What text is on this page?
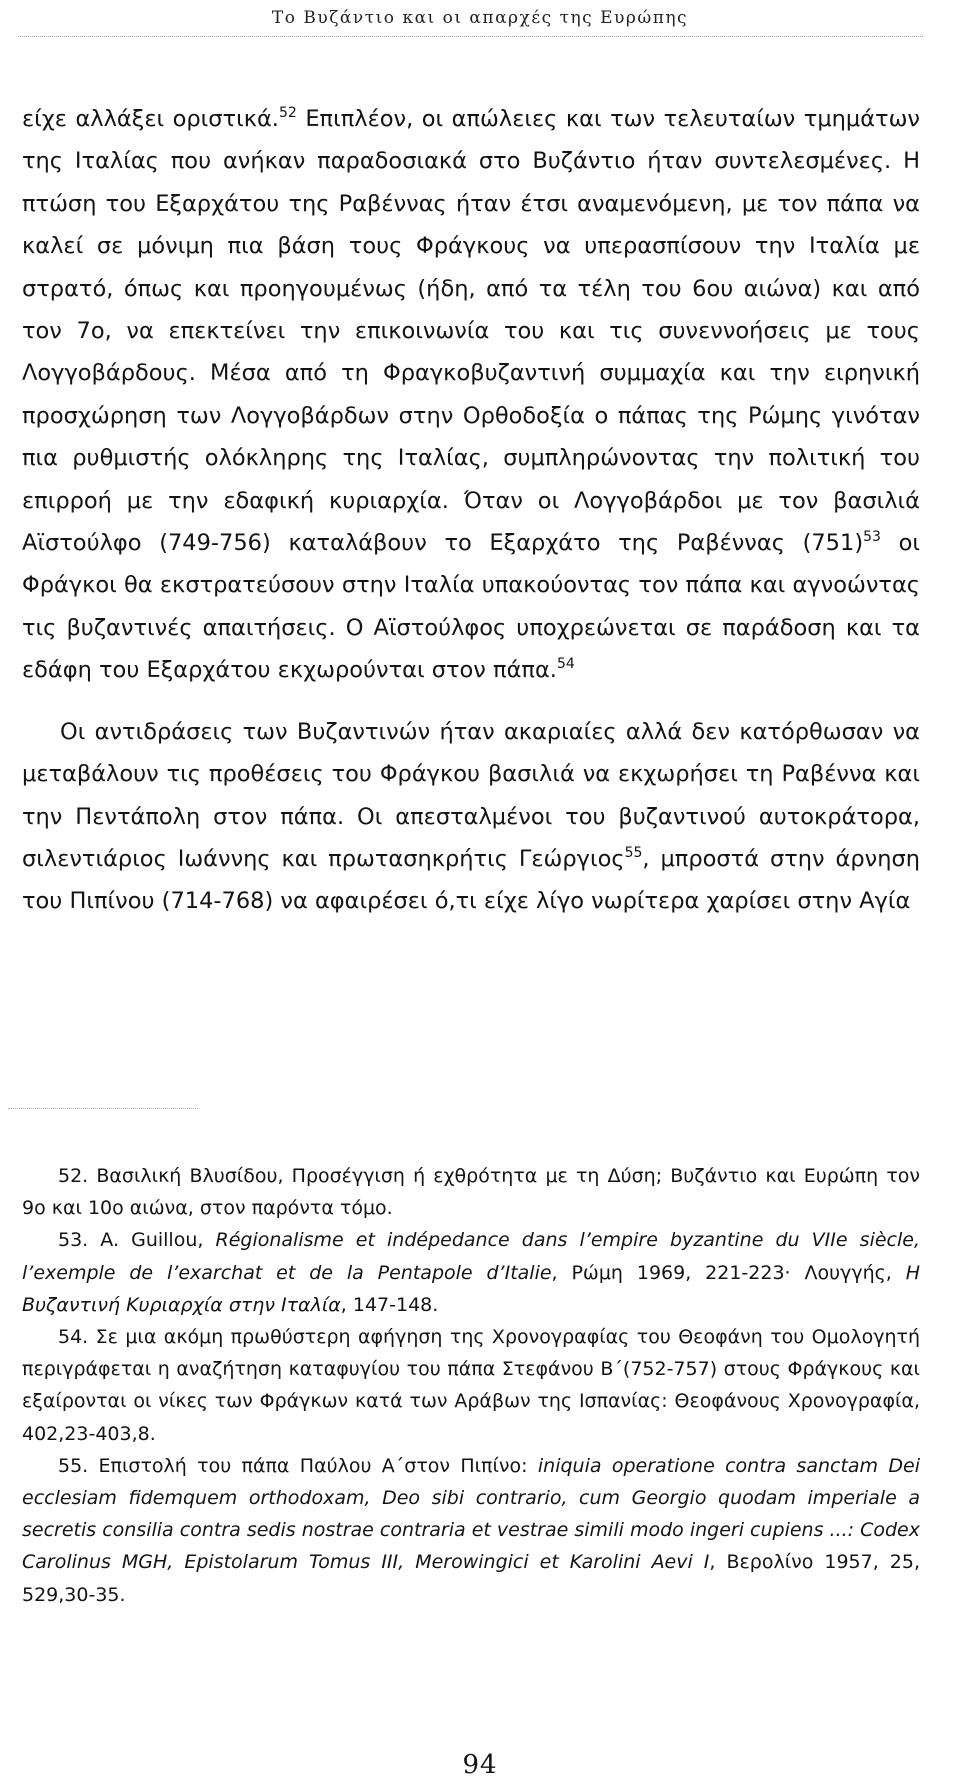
Το Βυζάντιο και οι απαρχές της Ευρώπης

είχε αλλάξει οριστικά.$^{52}$ Επιπλέον, οι απώλειες και των τελευταίων τμημάτων της Ιταλίας που ανήκαν παραδοσιακά στο Βυζάντιο ήταν συντελεσμένες. Η πτώση του Εξαρχάτου της Ραβέννας ήταν έτσι αναμενόμενη, με τον πάπα να καλεί σε μόνιμη πια βάση τους Φράγκους να υπερασπίσουν την Ιταλία με στρατό, όπως και προηγουμένως (ήδη, από τα τέλη του 6ου αιώνα) και από τον 7ο, να επεκτείνει την επικοινωνία του και τις συνεννοήσεις με τους Λογγοβάρδους. Μέσα από τη Φραγκοβυζαντινή συμμαχία και την ειρηνική προσχώρηση των Λογγοβάρδων στην Ορθοδοξία ο πάπας της Ρώμης γινόταν πια ρυθμιστής ολόκληρης της Ιταλίας, συμπληρώνοντας την πολιτική του επιρροή με την εδαφική κυριαρχία. Όταν οι Λογγοβάρδοι με τον βασιλιά Αϊστούλφο (749-756) καταλάβουν το Εξαρχάτο της Ραβέννας $(751)^{53}$ οι Φράγκοι θα εκστρατεύσουν στην Ιταλία υπακούοντας τον πάπα και αγνοώντας τις βυζαντινές απαιτήσεις. Ο Αϊστούλφος υποχρεώνεται σε παράδοση και τα εδάφη του Εξαρχάτου εκχωρούνται στον πάπα.$^{54}$

Οι αντιδράσεις των Βυζαντινών ήταν ακαριαίες αλλά δεν κατόρθωσαν να μεταβάλουν τις προθέσεις του Φράγκου βασιλιά να εκχωρήσει τη Ραβέννα και την Πεντάπολη στον πάπα. Οι απεσταλμένοι του βυζαντινού αυτοκράτορα, σιλεντιάριος Ιωάννης και πρωτασηκρήτις Γεώργιος$^{55}$, μπροστά στην άρνηση του Πιπίνου (714-768) να αφαιρέσει ό,τι είχε λίγο νωρίτερα χαρίσει στην Αγία

52. Βασιλική Βλυσίδου, Προσέγγιση ή εχθρότητα με τη Δύση; Βυζάντιο και Ευρώπη τον 9ο και 10ο αιώνα, στον παρόντα τόμο.

53. A. Guillou, Régionalisme et indépedance dans l’empire byzantine du VIIe siècle, l’exemple de l’exarchat et de la Pentapole d’Italie, Ρώμη 1969, 221-223· Λουγγής, Η Βυζαντινή Κυριαρχία στην Ιταλία, 147-148.

54. Σε μια ακόμη πρωθύστερη αφήγηση της Χρονογραφίας του Θεοφάνη του Ομολογητή περιγράφεται η αναζήτηση καταφυγίου του πάπα Στεφάνου Β΄(752-757) στους Φράγκους και εξαίρονται οι νίκες των Φράγκων κατά των Αράβων της Ισπανίας: Θεοφάνους Χρονογραφία, 402,23-403,8.

55. Επιστολή του πάπα Παύλου Α΄στον Πιπίνο: iniquia operatione contra sanctam Dei ecclesiam fidemquem orthodoxam, Deo sibi contrario, cum Georgio quodam imperiale a secretis consilia contra sedis nostrae contraria et vestrae simili modo ingeri cupiens ...: Codex Carolinus MGH, Epistolarum Tomus III, Merowingici et Karolini Aevi I, Βερολίνο 1957, 25, 529,30-35.

94
